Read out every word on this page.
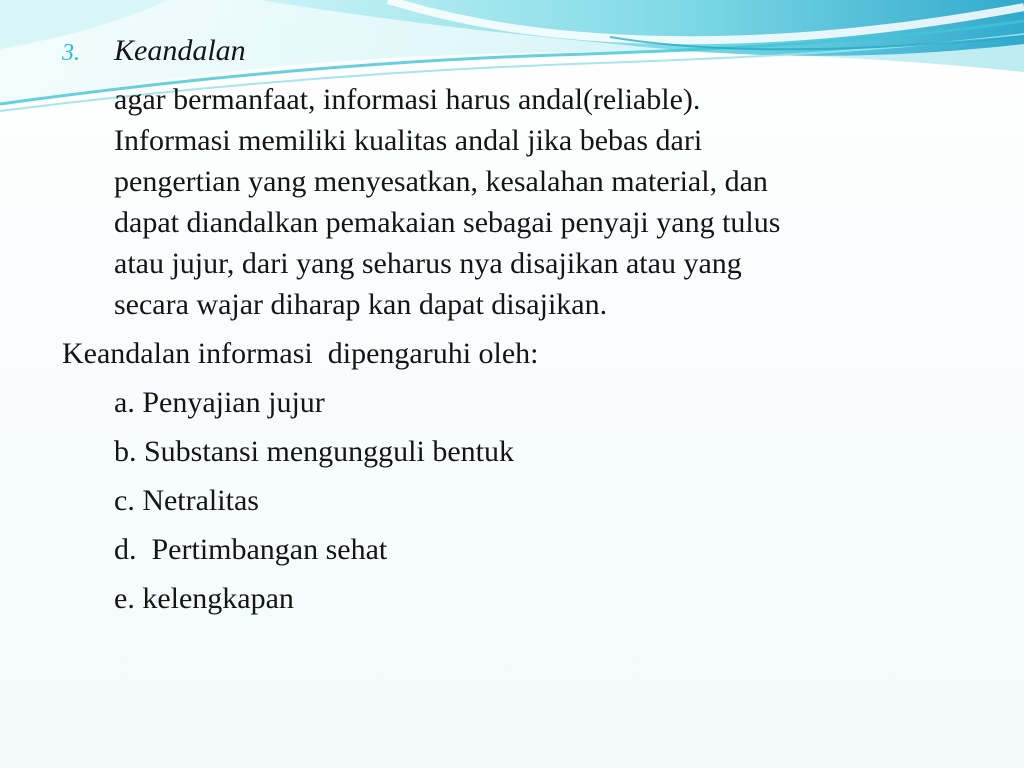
3.	Keandalan

agar bermanfaat, informasi harus andal(reliable).
Informasi memiliki kualitas andal jika bebas dari
pengertian yang menyesatkan, kesalahan material, dan
dapat diandalkan pemakaian sebagai penyaji yang tulus
atau jujur, dari yang seharus nya disajikan atau yang
secara wajar diharap kan dapat disajikan.

Keandalan informasi  dipengaruhi oleh:

a. Penyajian jujur
b. Substansi mengungguli bentuk
c. Netralitas
d.  Pertimbangan sehat
e. kelengkapan
